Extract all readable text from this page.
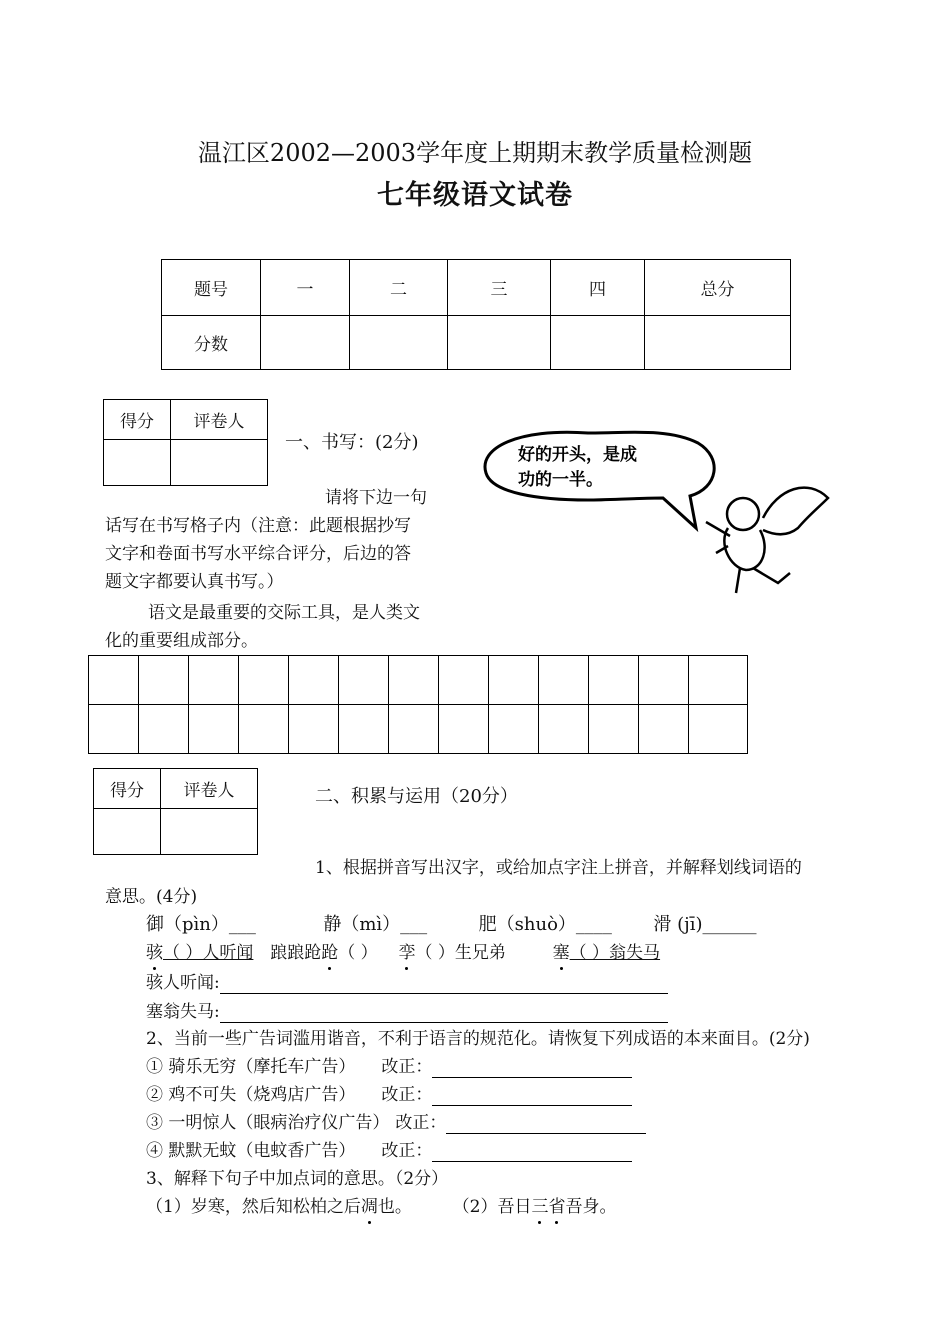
温江区2002—2003学年度上期期末教学质量检测题
七年级语文试卷
题号	一	二	三	四	总分
分数					
得分	评卷人

一、书写：(2分)
请将下边一句
话写在书写格子内（注意：此题根据抄写
文字和卷面书写水平综合评分，后边的答
题文字都要认真书写。）
语文是最重要的交际工具，是人类文
化的重要组成部分。
好的开头，是成
功的一半。

得分	评卷人
		二、积累与运用（20分）
1、根据拼音写出汉字，或给加点字注上拼音，并解释划线词语的
意思。(4分)
御（pìn）___	静（mì）___	肥（shuò）____ 滑 (jī)______
骇（ ）人听闻 踉踉跄跄（ ） 孪（ ）生兄弟	塞（ ）翁失马
骇人听闻:
塞翁失马:
2、当前一些广告词滥用谐音，不利于语言的规范化。请恢复下列成语的本来面目。(2分)
① 骑乐无穷（摩托车广告） 改正：
② 鸡不可失（烧鸡店广告） 改正：
③ 一明惊人（眼病治疗仪广告） 改正：
④ 默默无蚊（电蚊香广告） 改正：
3、解释下句子中加点词的意思。（2分）
（1）岁寒，然后知松柏之后凋也。 （2）吾日三省吾身。
